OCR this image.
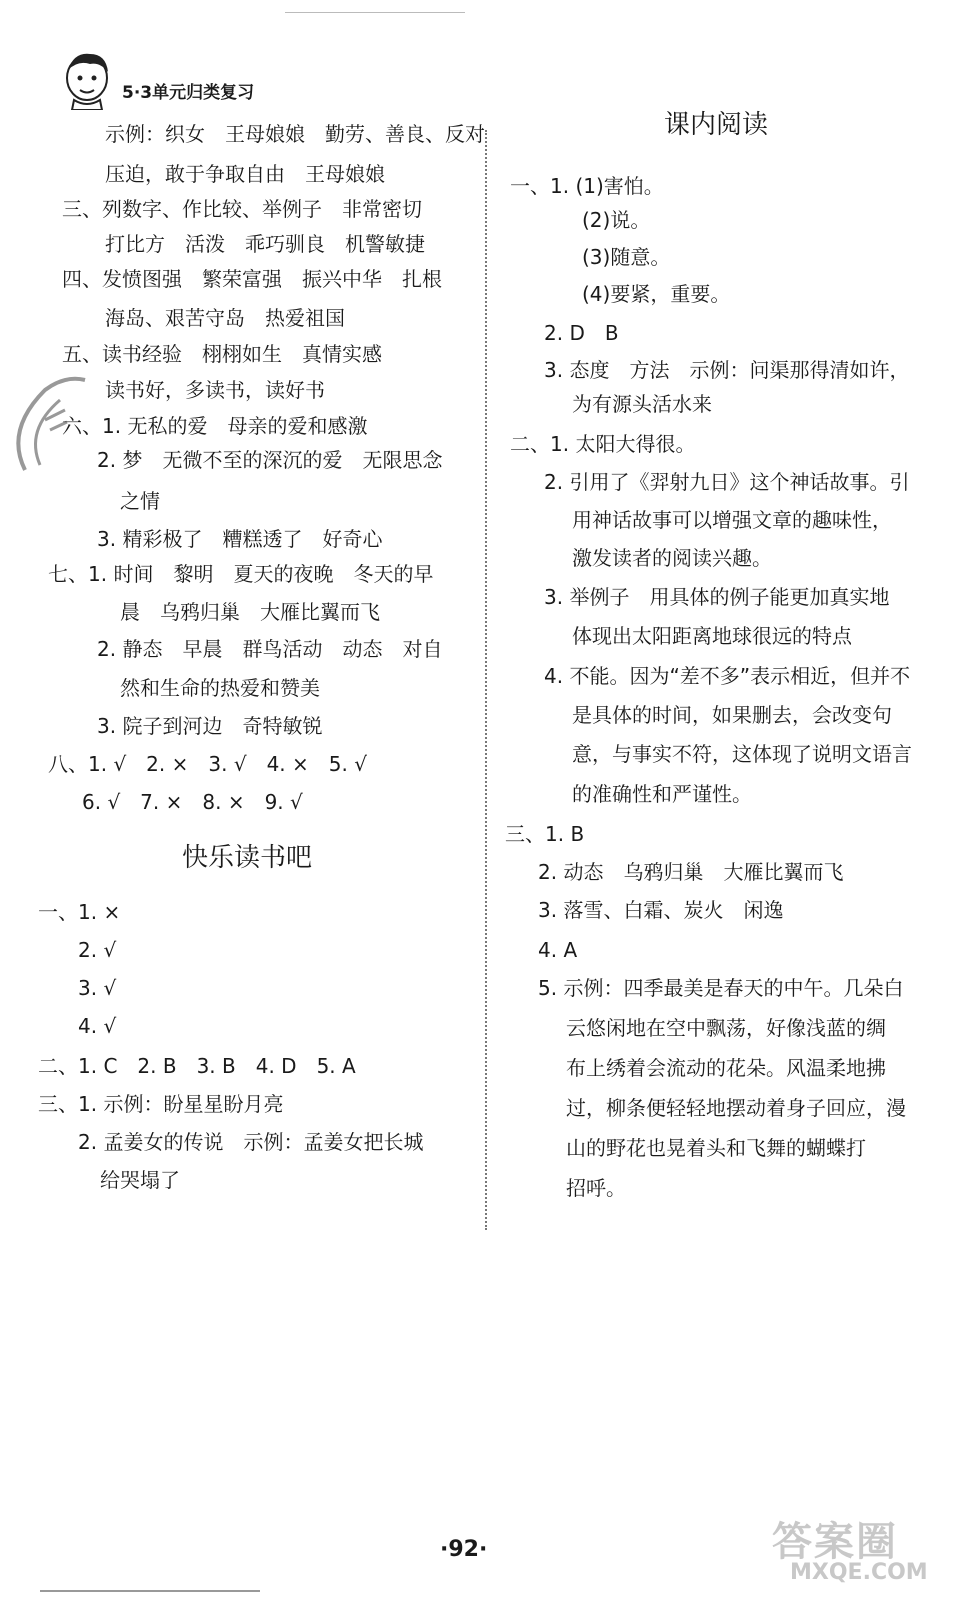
5·3单元归类复习
示例：织女　王母娘娘　勤劳、善良、反对
压迫，敢于争取自由　王母娘娘
三、列数字、作比较、举例子　非常密切
打比方　活泼　乖巧驯良　机警敏捷
四、发愤图强　繁荣富强　振兴中华　扎根
海岛、艰苦守岛　热爱祖国
五、读书经验　栩栩如生　真情实感
读书好，多读书，读好书
六、1. 无私的爱　母亲的爱和感激
2. 梦　无微不至的深沉的爱　无限思念
之情
3. 精彩极了　糟糕透了　好奇心
七、1. 时间　黎明　夏天的夜晚　冬天的早
晨　乌鸦归巢　大雁比翼而飞
2. 静态　早晨　群鸟活动　动态　对自
然和生命的热爱和赞美
3. 院子到河边　奇特敏锐
八、1. √　2. ×　3. √　4. ×　5. √
6. √　7. ×　8. ×　9. √
快乐读书吧
一、1. ×
2. √
3. √
4. √
二、1. C　2. B　3. B　4. D　5. A
三、1. 示例：盼星星盼月亮
2. 孟姜女的传说　示例：孟姜女把长城
给哭塌了
课内阅读
一、1. (1)害怕。
(2)说。
(3)随意。
(4)要紧，重要。
2. D　B
3. 态度　方法　示例：问渠那得清如许，
为有源头活水来
二、1. 太阳大得很。
2. 引用了《羿射九日》这个神话故事。引
用神话故事可以增强文章的趣味性，
激发读者的阅读兴趣。
3. 举例子　用具体的例子能更加真实地
体现出太阳距离地球很远的特点
4. 不能。因为“差不多”表示相近，但并不
是具体的时间，如果删去，会改变句
意，与事实不符，这体现了说明文语言
的准确性和严谨性。
三、1. B
2. 动态　乌鸦归巢　大雁比翼而飞
3. 落雪、白霜、炭火　闲逸
4. A
5. 示例：四季最美是春天的中午。几朵白
云悠闲地在空中飘荡，好像浅蓝的绸
布上绣着会流动的花朵。风温柔地拂
过，柳条便轻轻地摆动着身子回应，漫
山的野花也晃着头和飞舞的蝴蝶打
招呼。
·92·	答案圈
MXQE.COM
